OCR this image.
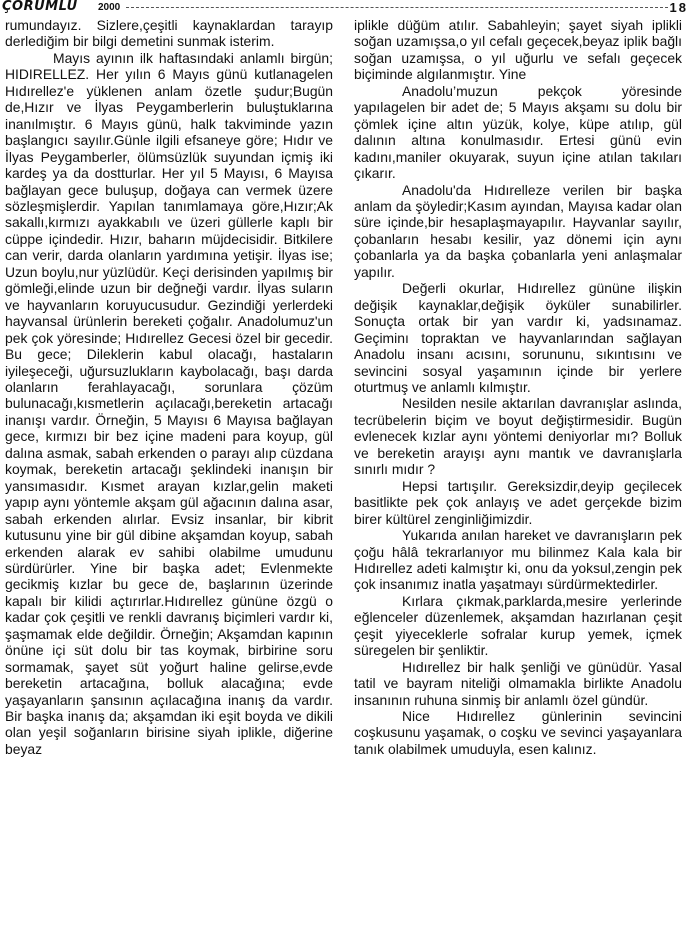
ÇORUMLU 2000	18

rumundayız. Sizlere,çeşitli kaynaklardan tarayıp derlediğim bir bilgi demetini sunmak isterim.

Mayıs ayının ilk haftasındaki anlamlı birgün; HIDIRELLEZ. Her yılın 6 Mayıs günü kutlanagelen Hıdırellez'e yüklenen anlam özetle şudur;Bugün de,Hızır ve İlyas Peygamberlerin buluştuklarına inanılmıştır. 6 Mayıs günü, halk takviminde yazın başlangıcı sayılır.Günle ilgili efsaneye göre; Hıdır ve İlyas Peygamberler, ölümsüzlük suyundan içmiş iki kardeş ya da dostturlar. Her yıl 5 Mayısı, 6 Mayısa bağlayan gece buluşup, doğaya can vermek üzere sözleşmişlerdir. Yapılan tanımlamaya göre,Hızır;Ak sakallı,kırmızı ayakkabılı ve üzeri güllerle kaplı bir cüppe içindedir. Hızır, baharın müjdecisidir. Bitkilere can verir, darda olanların yardımına yetişir. İlyas ise; Uzun boylu,nur yüzlüdür. Keçi derisinden yapılmış bir gömleği,elinde uzun bir değneği vardır. İlyas suların ve hayvanların koruyucusudur. Gezindiği yerlerdeki hayvansal ürünlerin bereketi çoğalır. Anadolumuz'un pek çok yöresinde; Hıdırellez Gecesi özel bir gecedir. Bu gece; Dileklerin kabul olacağı, hastaların iyileşeceği, uğursuzlukların kaybolacağı, başı darda olanların ferahlayacağı, sorunlara çözüm bulunacağı,kısmetlerin açılacağı,bereketin artacağı inanışı vardır. Örneğin, 5 Mayısı 6 Mayısa bağlayan gece, kırmızı bir bez içine madeni para koyup, gül dalına asmak, sabah erkenden o parayı alıp cüzdana koymak, bereketin artacağı şeklindeki inanışın bir yansımasıdır. Kısmet arayan kızlar,gelin maketi yapıp aynı yöntemle akşam gül ağacının dalına asar, sabah erkenden alırlar. Evsiz insanlar, bir kibrit kutusunu yine bir gül dibine akşamdan koyup, sabah erkenden alarak ev sahibi olabilme umudunu sürdürürler. Yine bir başka adet; Evlenmekte gecikmiş kızlar bu gece de, başlarının üzerinde kapalı bir kilidi açtırırlar.Hıdırellez gününe özgü o kadar çok çeşitli ve renkli davranış biçimleri vardır ki, şaşmamak elde değildir. Örneğin; Akşamdan kapının önüne içi süt dolu bir tas koymak, birbirine soru sormamak, şayet süt yoğurt haline gelirse,evde bereketin artacağına, bolluk alacağına; evde yaşayanların şansının açılacağına inanış da vardır. Bir başka inanış da; akşamdan iki eşit boyda ve dikili olan yeşil soğanların birisine siyah iplikle, diğerine beyaz

iplikle düğüm atılır. Sabahleyin; şayet siyah iplikli soğan uzamışsa,o yıl cefalı geçecek,beyaz iplik bağlı soğan uzamışsa, o yıl uğurlu ve sefalı geçecek biçiminde algılanmıştır. Yine

Anadolu’muzun pekçok yöresinde yapılagelen bir adet de; 5 Mayıs akşamı su dolu bir çömlek içine altın yüzük, kolye, küpe atılıp, gül dalının altına konulmasıdır. Ertesi günü evin kadını,maniler okuyarak, suyun içine atılan takıları çıkarır.

Anadolu'da Hıdırelleze verilen bir başka anlam da şöyledir;Kasım ayından, Mayısa kadar olan süre içinde,bir hesaplaşmayapılır. Hayvanlar sayılır, çobanların hesabı kesilir, yaz dönemi için aynı çobanlarla ya da başka çobanlarla yeni anlaşmalar yapılır.

Değerli okurlar, Hıdırellez gününe ilişkin değişik kaynaklar,değişik öyküler sunabilirler. Sonuçta ortak bir yan vardır ki, yadsınamaz. Geçiminı topraktan ve hayvanlarından sağlayan Anadolu insanı acısını, sorununu, sıkıntısını ve sevincini sosyal yaşamının içinde bir yerlere oturtmuş ve anlamlı kılmıştır.

Nesilden nesile aktarılan davranışlar aslında, tecrübelerin biçim ve boyut değiştirmesidir. Bugün evlenecek kızlar aynı yöntemi deniyorlar mı? Bolluk ve bereketin arayışı aynı mantık ve davranışlarla sınırlı mıdır ?

Hepsi tartışılır. Gereksizdir,deyip geçilecek basitlikte pek çok anlayış ve adet gerçekde bizim birer kültürel zenginliğimizdir.

Yukarıda anılan hareket ve davranışların pek çoğu hâlâ tekrarlanıyor mu bilinmez Kala kala bir Hıdırellez adeti kalmıştır ki, onu da yoksul,zengin pek çok insanımız inatla yaşatmayı sürdürmektedirler.

Kırlara çıkmak,parklarda,mesire yerlerinde eğlenceler düzenlemek, akşamdan hazırlanan çeşit çeşit yiyeceklerle sofralar kurup yemek, içmek süregelen bir şenliktir.

Hıdırellez bir halk şenliği ve günüdür. Yasal tatil ve bayram niteliği olmamakla birlikte Anadolu insanının ruhuna sinmiş bir anlamlı özel gündür.

Nice Hıdırellez günlerinin sevincini coşkusunu yaşamak, o coşku ve sevinci yaşayanlara tanık olabilmek umuduyla, esen kalınız.
